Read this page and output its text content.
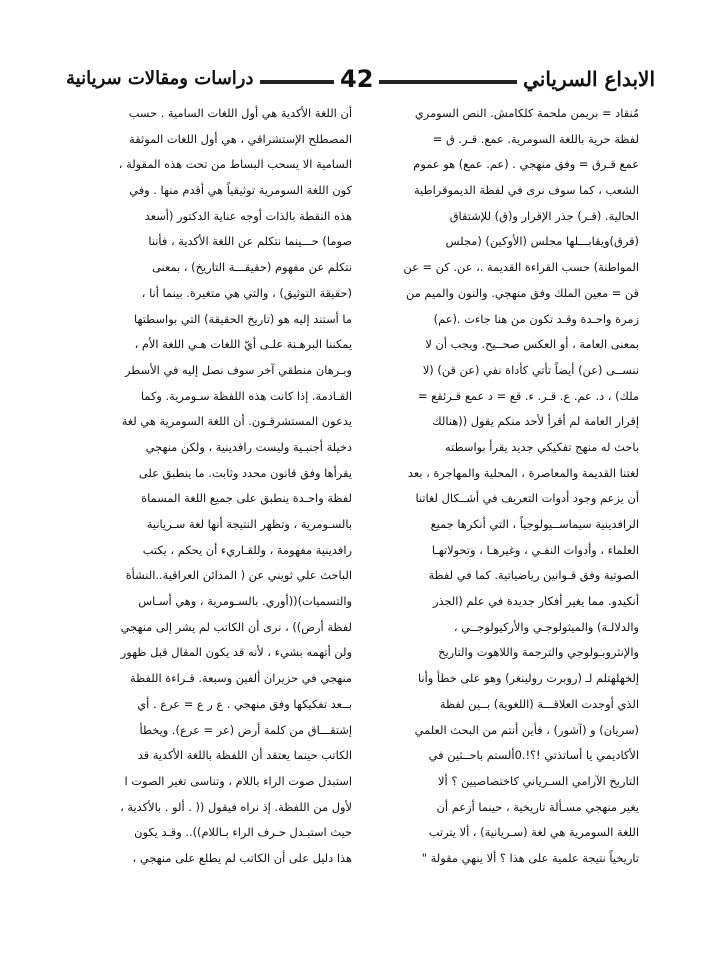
الابداع السرياني
42
دراسات ومقالات سريانية
مُنقاد = بريمن ملحمة كلكامش. النص السومري
لفظة حرية باللغة السومرية. عمع. قـر. ق =
عمع قـرق = وفق منهجي . (عم. عمع) هو عموم
الشعب ، كما سوف نرى في لفظة الديموقراطية
الحالية. (قـر) جذر الإقرار و(ق) للإشتقاق
(قرق)ويقابـــلها مجلس (الأوكين) (مجلس
المواطنة) حسب القراءة القديمة .، عن. كن = عن
قن = معين الملك وفق منهجي. والنون والميم من
زمرة واحـدة وقـد تكون من هنا جاءت .(عم)
بمعنى العامة ، أو العكس صحــيح. ويجب أن لا
ننســى (عن) أيضاً تأتي كأداة نفي (عن قن) (لا
ملك) ، د. عم. ع. قـر. ء. قع = د عمع قـرئقع =
إقرار العامة لم أقرأ لأحد منكم يقول ((هنالك
باحث له منهج تفكيكي جديد يقرأ بواسطته
لغتنا القديمة والمعاصرة ، المحلية والمهاجرة ، بعد
أن يزعم وجود أدوات التعريف في أشــكال لغاتنا
الرافدينية سيماســيولوجياً ، التي أنكرها جميع
العلماء ، وأدوات النفـي ، وغيرهـا ، وتحولاتهـا
الصوتية وفق قـوانين رياضياتية. كما في لفظة
أنكيدو. مما يغير أفكار جديدة في علم (الجذر
والدلالـة) والميثولوجـي والأركيولوجــي ،
والإنثروبـولوجي والترجمة واللاهوت والتاريخ
إلخهلهتلم لـ (روبرت رولينغر) وهو على خطأ وأنا
الذي أوجدت العلاقـــة (اللغوية) بــين لفظة
(سريان) و (آشور) ، فأين أنتم من البحث العلمي
الأكاديمي يا أساتذتي !؟!.0ألستم باحــثين في
التاريخ الآرامي السـرياني كاختصاصيين ؟ ألا
يغير منهجي مسـألة تاريخية ، حينما أزعم أن
اللغة السومرية هي لغة (سـريانية) ، ألا يترتب
تاريخياً نتيجة علمية على هذا ؟ ألا ينهي مقولة "
أن اللغة الأكدية هي أول اللغات السامية . حسب
المصطلح الإستشراقي ، هي أول اللغات الموثقة
السامية الا يسحب البساط من تحت هذه المقولة ،
كون اللغة السومرية توثيقياً هي أقدم منها . وفي
هذه النقطة بالذات أوجه عناية الدكتور (أسعد
صوما) حـــينما نتكلم عن اللغة الأكدية ، فأننا
نتكلم عن مفهوم (حقيقـــة التاريخ) ، بمعنى
(حقيقة التوثيق) ، والتي هي متغيرة. بينما أنا ،
ما أستند إليه هو (تاريخ الحقيقة) التي بواسطتها
يمكننا البرهـنة علـى أيّ اللغات هـي اللغة الأم ،
وبـرهان منطقي آخر سوف نصل إليه في الأسطر
القـادمة. إذا كانت هذه اللفظة سـومرية. وكما
يدعون المستشرقـون. أن اللغة السومرية هي لغة
دخيلة أجنبـية وليست رافدينية ، ولكن منهجي
يقرأها وفق قانون محدد وثابت. ما ينطبق على
لفظة واحـدة ينطبق على جميع اللغة المسماة
بالسـومرية ، وتظهر النتيجة أنها لغة سـريانية
رافدينية مفهومة ، وللقـاريء أن يحكم ، يكتب
الباحث علي ثويني عن ( المدائن العراقية..النشأة
والتسميات)((أوري. بالسـومرية ، وهي أسـاس
لفظة أرض)) ، نرى أن الكاتب لم يشر إلى منهجي
ولن أتهمه بشيء ، لأنه قد يكون المقال قبل ظهور
منهجي في حزيران ألفين وسبعة. قـراءة اللفظة
بــعد تفكيكها وفق منهجي . ع ر ع = عرع . أي
إشتقـــاق من كلمة أرض (عر = عرع). ويخطأ
الكاتب حينما يعتقد أن اللفظة باللغة الأكدية قد
استبدل صوت الراء باللام ، وتناسى تغير الصوت ا
لأول من اللفظة. إذ نراه فيقول (( . ألو . بالأكدية ،
حيث استبـدل حـرف الراء بـاللام)).. وقـد يكون
هذا دليل على أن الكاتب لم يطلع على منهجي ،
